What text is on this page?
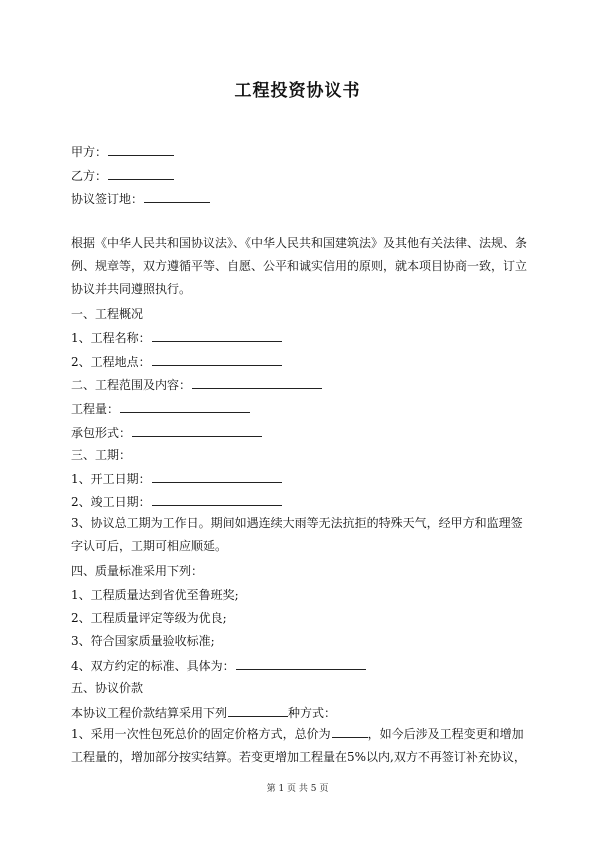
工程投资协议书
甲方：
乙方：
协议签订地：
根据《中华人民共和国协议法》、《中华人民共和国建筑法》及其他有关法律、法规、条例、规章等，双方遵循平等、自愿、公平和诚实信用的原则，就本项目协商一致，订立协议并共同遵照执行。
一、工程概况
1、工程名称：
2、工程地点：
二、工程范围及内容：
工程量：
承包形式：
三、工期：
1、开工日期：
2、竣工日期：
3、协议总工期为工作日。期间如遇连续大雨等无法抗拒的特殊天气，经甲方和监理签字认可后，工期可相应顺延。
四、质量标准采用下列：
1、工程质量达到省优至鲁班奖;
2、工程质量评定等级为优良;
3、符合国家质量验收标准;
4、双方约定的标准、具体为：
五、协议价款
本协议工程价款结算采用下列	种方式：
1、采用一次性包死总价的固定价格方式，总价为	，如今后涉及工程变更和增加工程量的，增加部分按实结算。若变更增加工程量在5%以内,双方不再签订补充协议，
第 1 页 共 5 页
